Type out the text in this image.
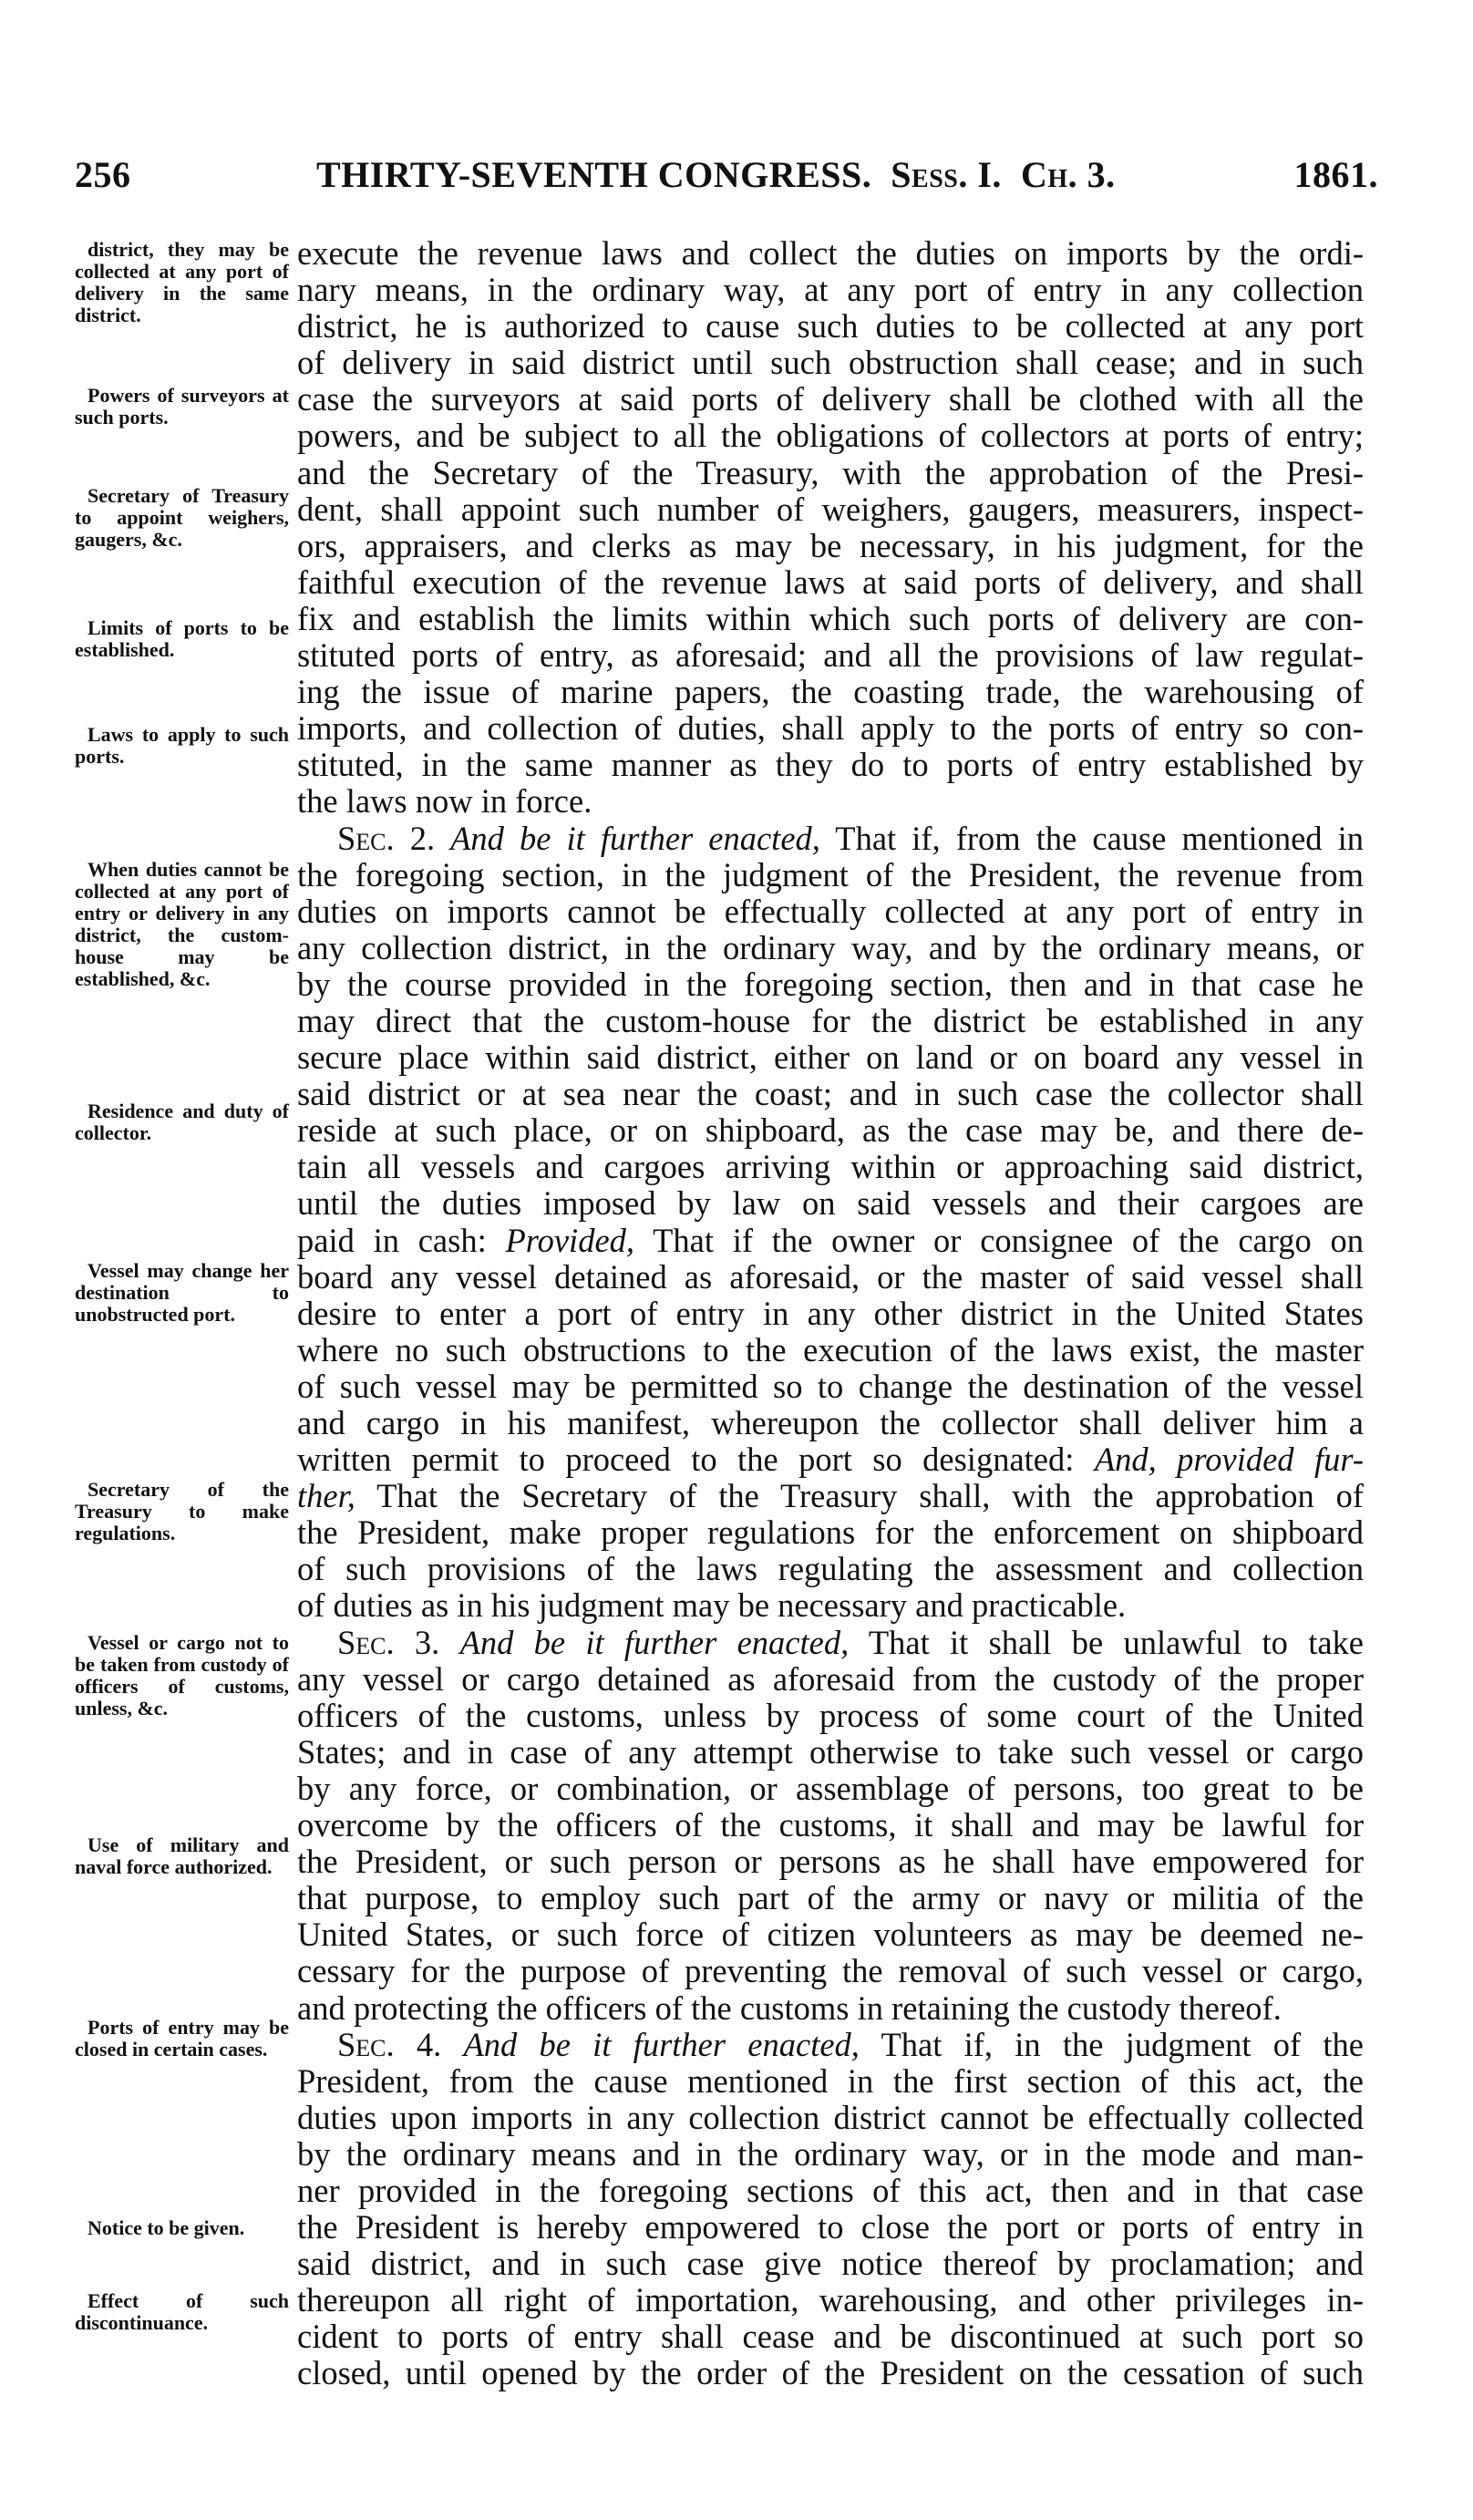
256	THIRTY-SEVENTH CONGRESS. Sess. I. Ch. 3.	1861.
district, they may be collected at any port of delivery in the same district.
Powers of surveyors at such ports.
Secretary of Treasury to appoint weighers, gaugers, &c.
Limits of ports to be established.
Laws to apply to such ports.
When duties cannot be collected at any port of entry or delivery in any district, the custom-house may be established, &c.
Residence and duty of collector.
Vessel may change her destination to unobstructed port.
Secretary of the Treasury to make regulations.
Vessel or cargo not to be taken from custody of officers of customs, unless, &c.
Use of military and naval force authorized.
Ports of entry may be closed in certain cases.
Notice to be given.
Effect of such discontinuance.
execute the revenue laws and collect the duties on imports by the ordi-
nary means, in the ordinary way, at any port of entry in any collection
district, he is authorized to cause such duties to be collected at any port
of delivery in said district until such obstruction shall cease; and in such
case the surveyors at said ports of delivery shall be clothed with all the
powers, and be subject to all the obligations of collectors at ports of entry;
and the Secretary of the Treasury, with the approbation of the Presi-
dent, shall appoint such number of weighers, gaugers, measurers, inspect-
ors, appraisers, and clerks as may be necessary, in his judgment, for the
faithful execution of the revenue laws at said ports of delivery, and shall
fix and establish the limits within which such ports of delivery are con-
stituted ports of entry, as aforesaid; and all the provisions of law regulat-
ing the issue of marine papers, the coasting trade, the warehousing of
imports, and collection of duties, shall apply to the ports of entry so con-
stituted, in the same manner as they do to ports of entry established by
the laws now in force.
Sec. 2. And be it further enacted, That if, from the cause mentioned in
the foregoing section, in the judgment of the President, the revenue from
duties on imports cannot be effectually collected at any port of entry in
any collection district, in the ordinary way, and by the ordinary means, or
by the course provided in the foregoing section, then and in that case he
may direct that the custom-house for the district be established in any
secure place within said district, either on land or on board any vessel in
said district or at sea near the coast; and in such case the collector shall
reside at such place, or on shipboard, as the case may be, and there de-
tain all vessels and cargoes arriving within or approaching said district,
until the duties imposed by law on said vessels and their cargoes are
paid in cash: Provided, That if the owner or consignee of the cargo on
board any vessel detained as aforesaid, or the master of said vessel shall
desire to enter a port of entry in any other district in the United States
where no such obstructions to the execution of the laws exist, the master
of such vessel may be permitted so to change the destination of the vessel
and cargo in his manifest, whereupon the collector shall deliver him a
written permit to proceed to the port so designated: And, provided fur-
ther, That the Secretary of the Treasury shall, with the approbation of
the President, make proper regulations for the enforcement on shipboard
of such provisions of the laws regulating the assessment and collection
of duties as in his judgment may be necessary and practicable.
Sec. 3. And be it further enacted, That it shall be unlawful to take
any vessel or cargo detained as aforesaid from the custody of the proper
officers of the customs, unless by process of some court of the United
States; and in case of any attempt otherwise to take such vessel or cargo
by any force, or combination, or assemblage of persons, too great to be
overcome by the officers of the customs, it shall and may be lawful for
the President, or such person or persons as he shall have empowered for
that purpose, to employ such part of the army or navy or militia of the
United States, or such force of citizen volunteers as may be deemed ne-
cessary for the purpose of preventing the removal of such vessel or cargo,
and protecting the officers of the customs in retaining the custody thereof.
Sec. 4. And be it further enacted, That if, in the judgment of the
President, from the cause mentioned in the first section of this act, the
duties upon imports in any collection district cannot be effectually collected
by the ordinary means and in the ordinary way, or in the mode and man-
ner provided in the foregoing sections of this act, then and in that case
the President is hereby empowered to close the port or ports of entry in
said district, and in such case give notice thereof by proclamation; and
thereupon all right of importation, warehousing, and other privileges in-
cident to ports of entry shall cease and be discontinued at such port so
closed, until opened by the order of the President on the cessation of such
